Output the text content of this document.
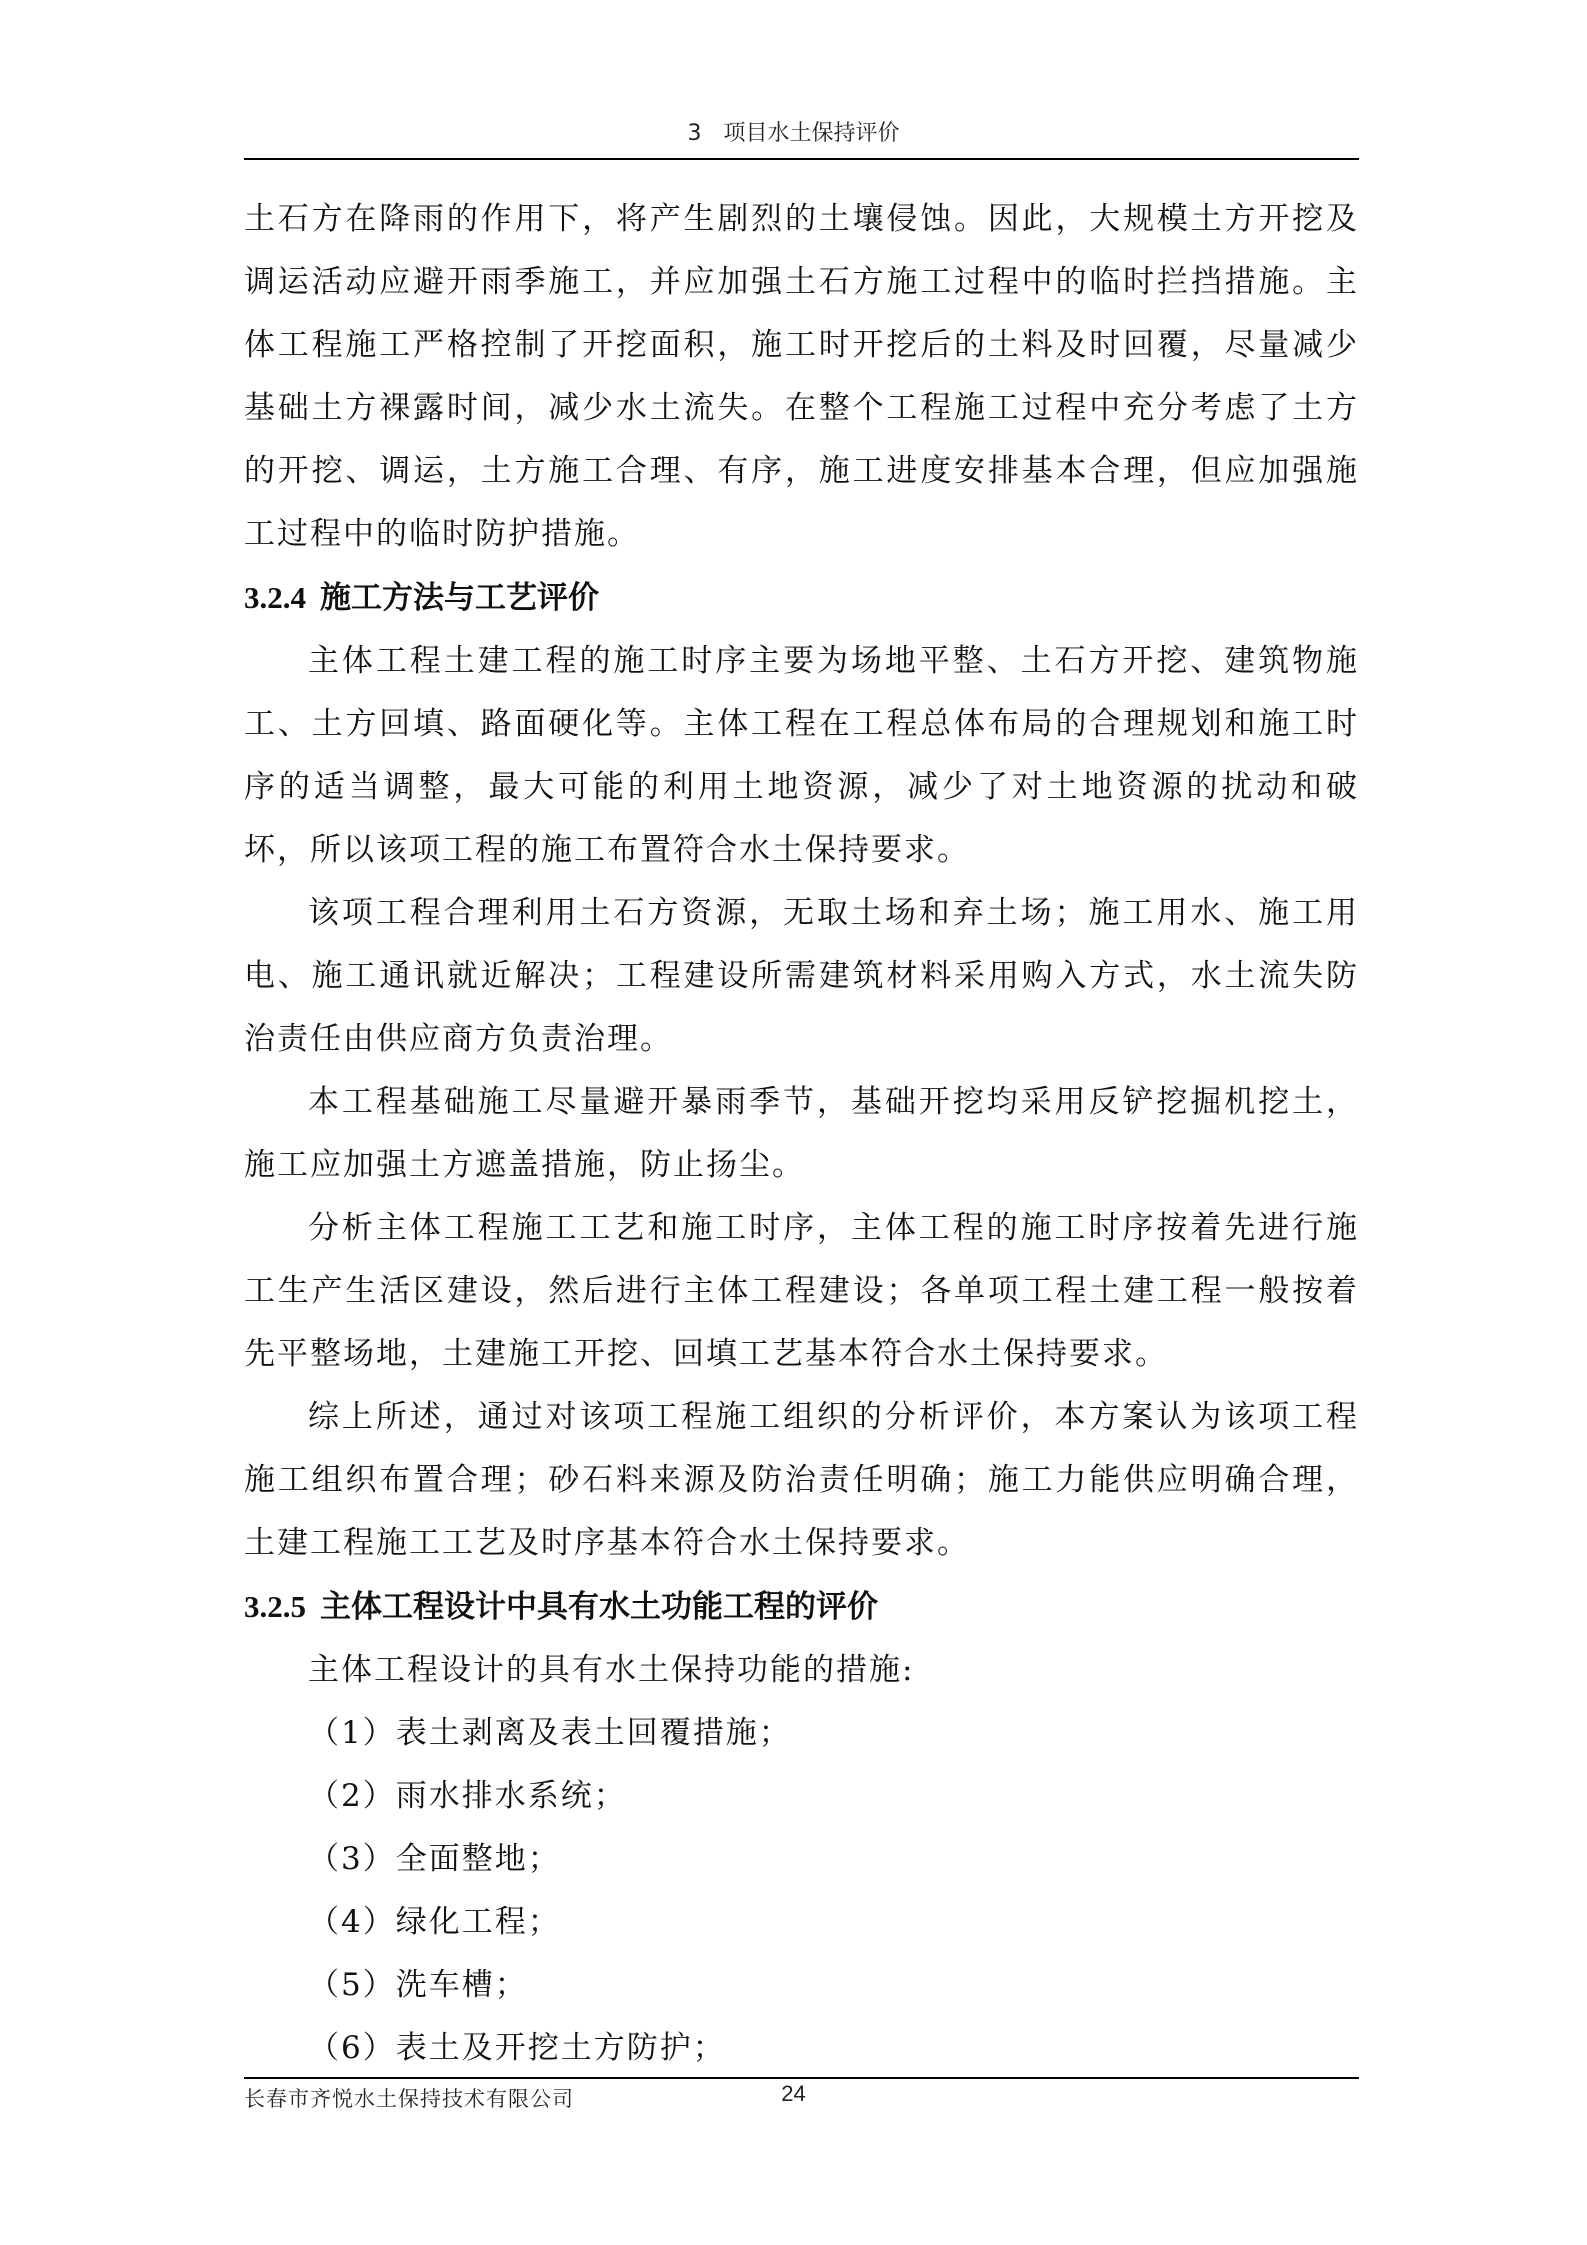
3　项目水土保持评价

土石方在降雨的作用下，将产生剧烈的土壤侵蚀。因此，大规模土方开挖及调运活动应避开雨季施工，并应加强土石方施工过程中的临时拦挡措施。主体工程施工严格控制了开挖面积，施工时开挖后的土料及时回覆，尽量减少基础土方裸露时间，减少水土流失。在整个工程施工过程中充分考虑了土方的开挖、调运，土方施工合理、有序，施工进度安排基本合理，但应加强施工过程中的临时防护措施。

3.2.4 施工方法与工艺评价

主体工程土建工程的施工时序主要为场地平整、土石方开挖、建筑物施工、土方回填、路面硬化等。主体工程在工程总体布局的合理规划和施工时序的适当调整，最大可能的利用土地资源，减少了对土地资源的扰动和破坏，所以该项工程的施工布置符合水土保持要求。

该项工程合理利用土石方资源，无取土场和弃土场；施工用水、施工用电、施工通讯就近解决；工程建设所需建筑材料采用购入方式，水土流失防治责任由供应商方负责治理。

本工程基础施工尽量避开暴雨季节，基础开挖均采用反铲挖掘机挖土，施工应加强土方遮盖措施，防止扬尘。

分析主体工程施工工艺和施工时序，主体工程的施工时序按着先进行施工生产生活区建设，然后进行主体工程建设；各单项工程土建工程一般按着先平整场地，土建施工开挖、回填工艺基本符合水土保持要求。

综上所述，通过对该项工程施工组织的分析评价，本方案认为该项工程施工组织布置合理；砂石料来源及防治责任明确；施工力能供应明确合理，土建工程施工工艺及时序基本符合水土保持要求。

3.2.5 主体工程设计中具有水土功能工程的评价

主体工程设计的具有水土保持功能的措施:

（1）表土剥离及表土回覆措施；

（2）雨水排水系统；

（3）全面整地；

（4）绿化工程；

（5）洗车槽；

（6）表土及开挖土方防护；

长春市齐悦水土保持技术有限公司	24
